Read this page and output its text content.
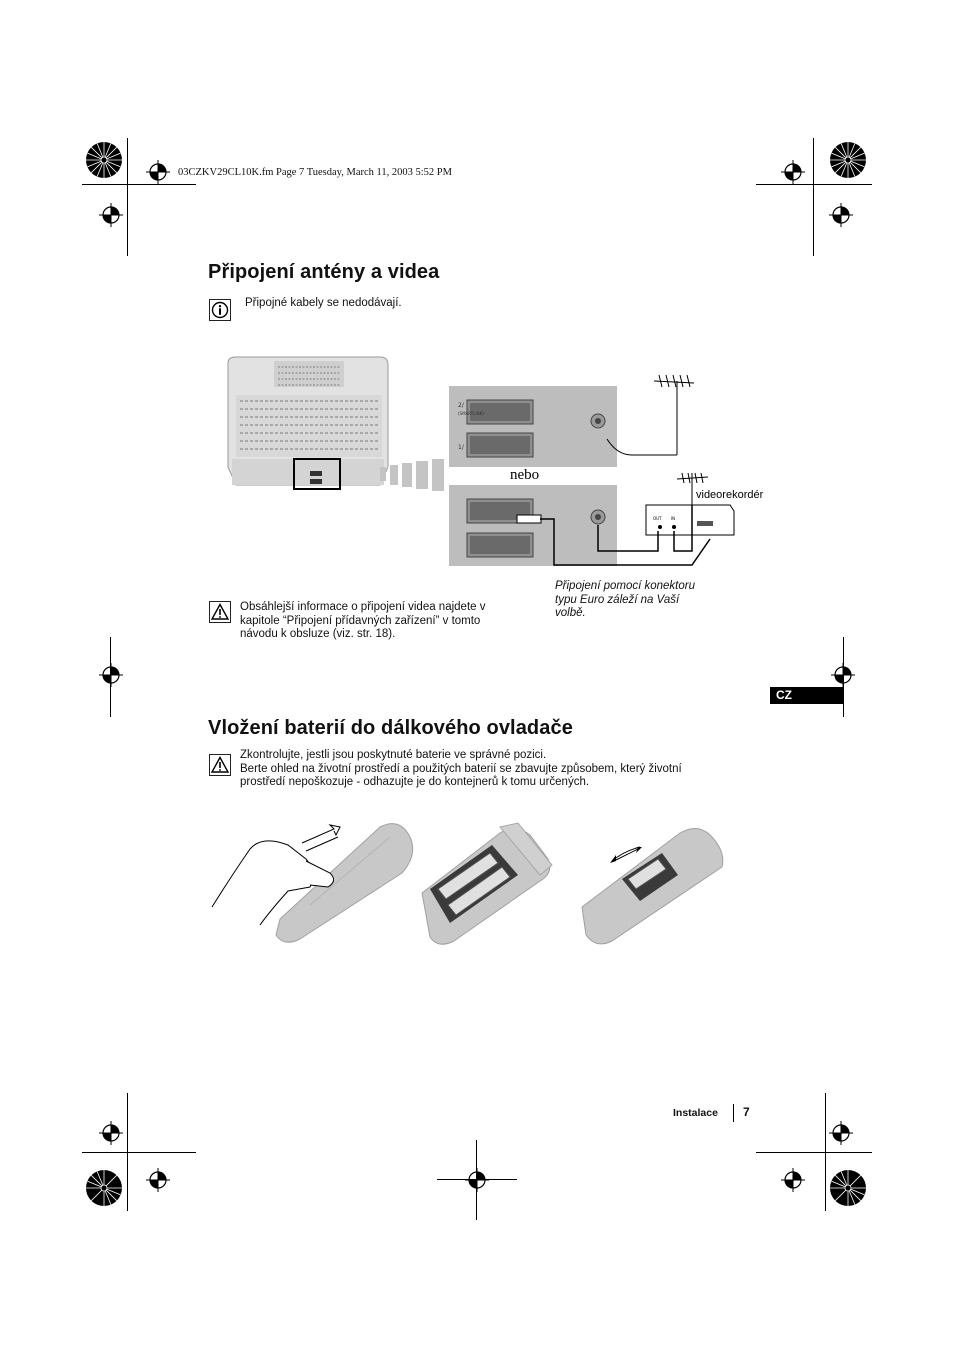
03CZKV29CL10K.fm Page 7 Tuesday, March 11, 2003 5:52 PM
Připojení antény a videa
Připojné kabely se nedodávají.
2/
1/
(SMARTLINK)
nebo
OUT IN
videorekordér
Připojení pomocí konektoru
typu Euro záleží na Vaší
volbě.
Obsáhlejší informace o připojení videa najdete v
kapitole “Připojení přídavných zařízení” v tomto
návodu k obsluze (viz. str. 18).
CZ
Vložení baterií do dálkového ovladače
Zkontrolujte, jestli jsou poskytnuté baterie ve správné pozici.
Berte ohled na životní prostředí a použitých baterií se zbavujte způsobem, který životní
prostředí nepoškozuje - odhazujte je do kontejnerů k tomu určených.
Instalace 7
